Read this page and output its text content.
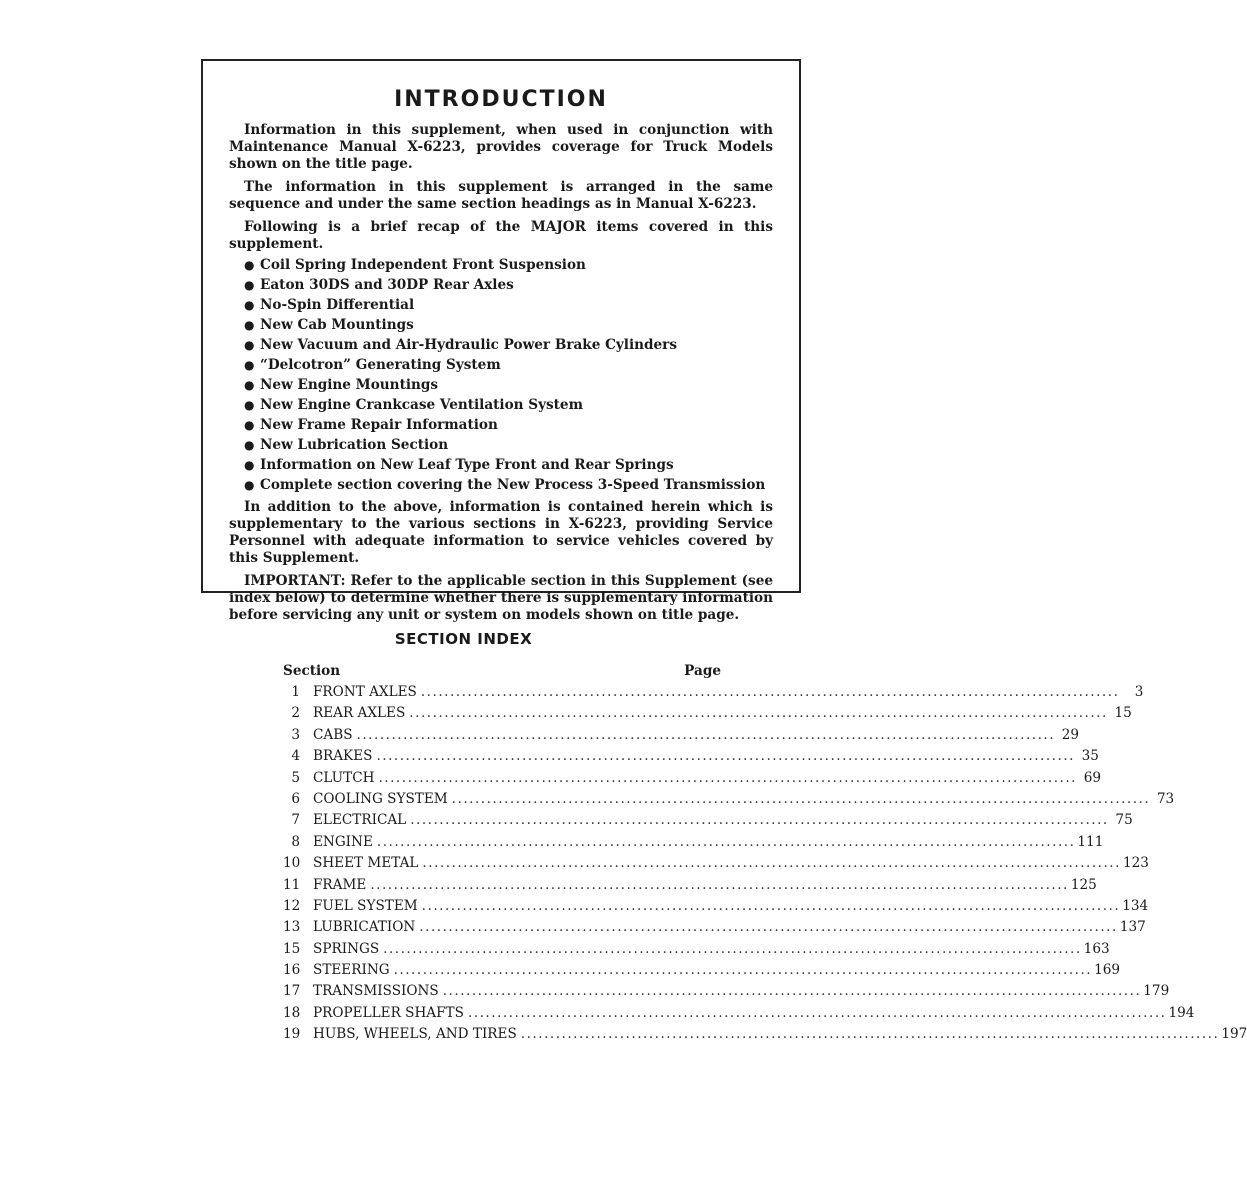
INTRODUCTION

Information in this supplement, when used in conjunction with Maintenance Manual X-6223, provides coverage for Truck Models shown on the title page.

The information in this supplement is arranged in the same sequence and under the same section headings as in Manual X-6223.

Following is a brief recap of the MAJOR items covered in this supplement.

● Coil Spring Independent Front Suspension
● Eaton 30DS and 30DP Rear Axles
● No-Spin Differential
● New Cab Mountings
● New Vacuum and Air-Hydraulic Power Brake Cylinders
● “Delcotron” Generating System
● New Engine Mountings
● New Engine Crankcase Ventilation System
● New Frame Repair Information
● New Lubrication Section
● Information on New Leaf Type Front and Rear Springs
● Complete section covering the New Process 3-Speed Transmission

In addition to the above, information is contained herein which is supplementary to the various sections in X-6223, providing Service Personnel with adequate information to service vehicles covered by this Supplement.

IMPORTANT: Refer to the applicable section in this Supplement (see index below) to determine whether there is supplementary information before servicing any unit or system on models shown on title page.

SECTION INDEX
Section	Page
1 FRONT AXLES ........................................................................................................................	3
2 REAR AXLES ........................................................................................................................ 15
3 CABS ........................................................................................................................ 29
4 BRAKES ........................................................................................................................ 35
5 CLUTCH ........................................................................................................................ 69
6 COOLING SYSTEM ........................................................................................................................ 73
7 ELECTRICAL ........................................................................................................................ 75
8 ENGINE ........................................................................................................................ 111
10 SHEET METAL ........................................................................................................................ 123
11 FRAME ........................................................................................................................ 125
12 FUEL SYSTEM ........................................................................................................................ 134
13 LUBRICATION ........................................................................................................................ 137
15 SPRINGS ........................................................................................................................ 163
16 STEERING ........................................................................................................................ 169
17 TRANSMISSIONS ........................................................................................................................ 179
18 PROPELLER SHAFTS ........................................................................................................................ 194
19 HUBS, WHEELS, AND TIRES ........................................................................................................................ 197
